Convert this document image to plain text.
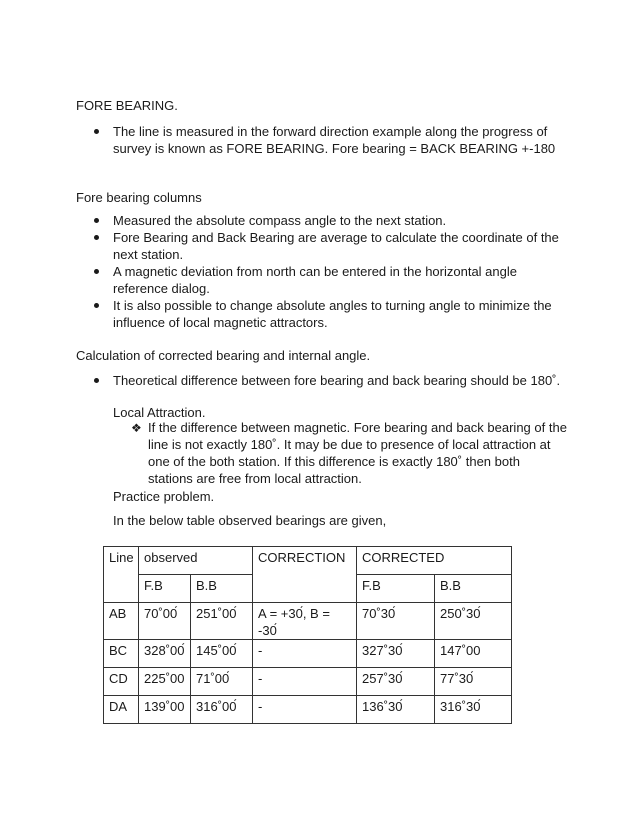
FORE BEARING.
The line is measured in the forward direction example along the progress of survey is known as FORE BEARING. Fore bearing = BACK BEARING +-180
Fore bearing columns
Measured the absolute compass angle to the next station.
Fore Bearing and Back Bearing are average to calculate the coordinate of the next station.
A magnetic deviation from north can be entered in the horizontal angle reference dialog.
It is also possible to change absolute angles to turning angle to minimize the influence of local magnetic attractors.
Calculation of corrected bearing and internal angle.
Theoretical difference between fore bearing and back bearing should be 180˚.

Local Attraction.

❖ If the difference between magnetic. Fore bearing and back bearing of the line is not exactly 180˚. It may be due to presence of local attraction at one of the both station. If this difference is exactly 180˚ then both stations are free from local attraction.

Practice problem.

In the below table observed bearings are given,

Line	observed		CORRECTION	CORRECTED	
	F.B	B.B		F.B	B.B
AB	70˚00́	251˚00́	A = +30́, B = -30́	70˚30́	250˚30́
BC	328˚00́	145˚00́	-	327˚30́	147˚00
CD	225˚00	71˚00́	-	257˚30́	77˚30́
DA	139˚00	316˚00́	-	136˚30́	316˚30́
